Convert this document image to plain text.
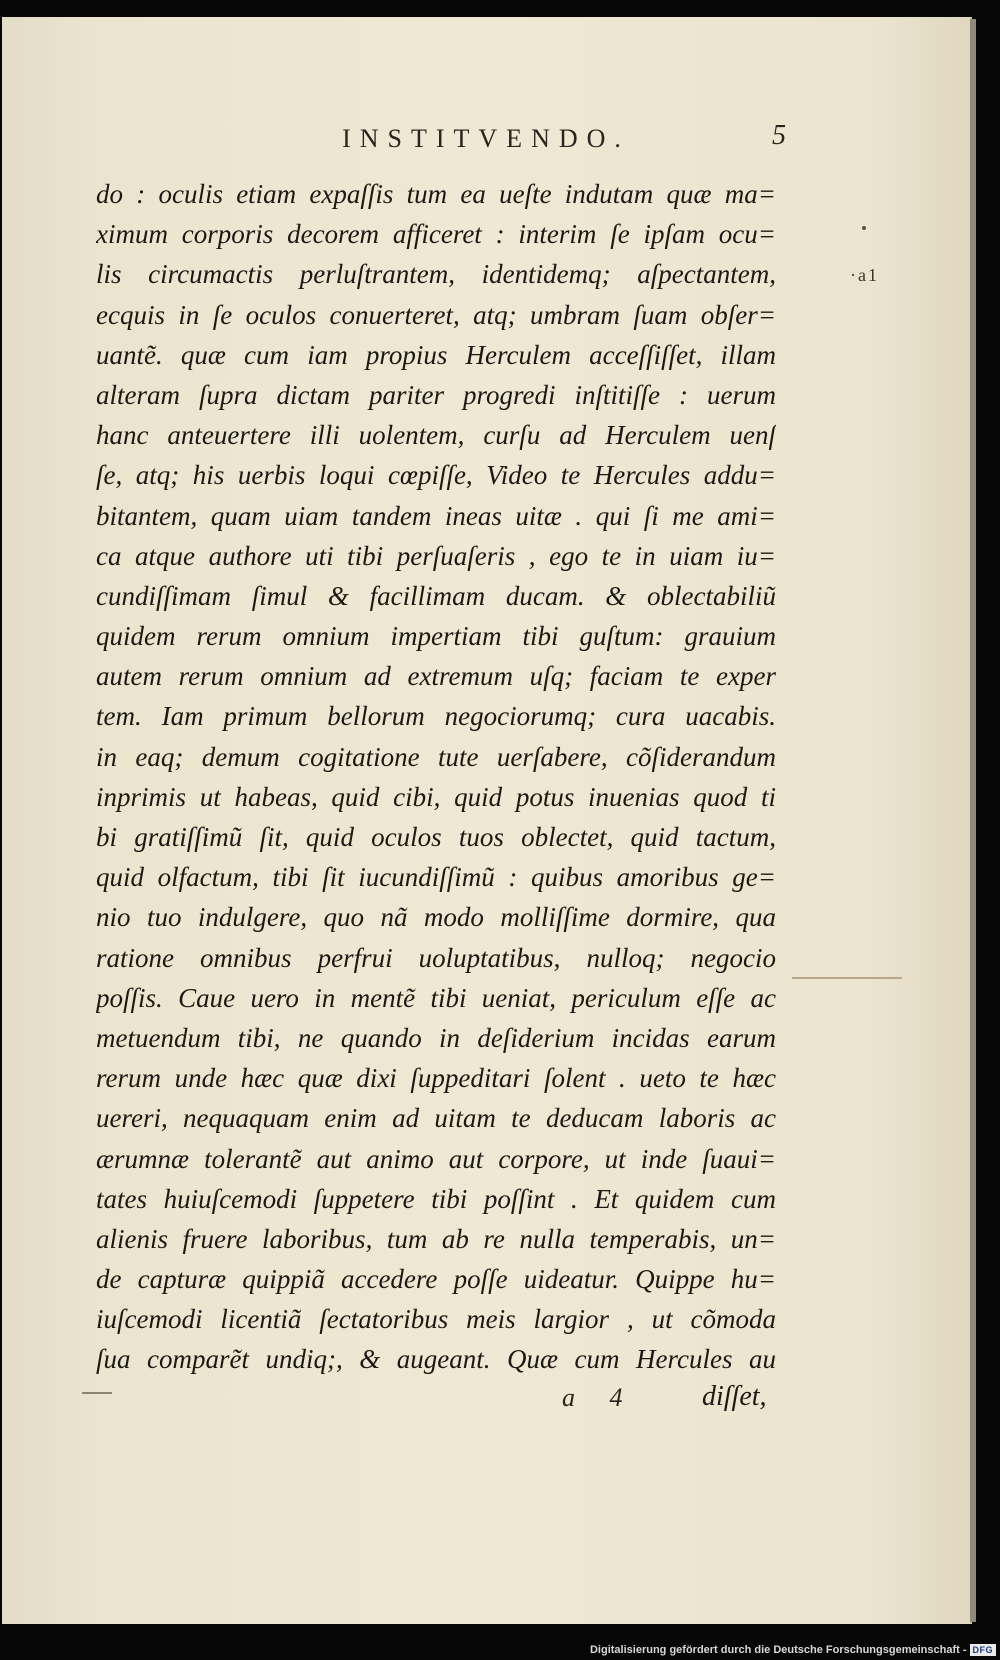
INSTITVENDO.	5
·a1
do : oculis etiam expaſſis tum ea ueſte indutam quæ ma=
ximum corporis decorem afficeret : interim ſe ipſam ocu=
lis circumactis perluſtrantem, identidemq; aſpectantem,
ecquis in ſe oculos conuerteret, atq; umbram ſuam obſer=
uantẽ. quæ cum iam propius Herculem acceſſiſſet, illam
alteram ſupra dictam pariter progredi inſtitiſſe : uerum
hanc anteuertere illi uolentem, curſu ad Herculem uenſ
ſe, atq; his uerbis loqui cœpiſſe, Video te Hercules addu=
bitantem, quam uiam tandem ineas uitæ . qui ſi me ami=
ca atque authore uti tibi perſuaſeris , ego te in uiam iu=
cundiſſimam ſimul & facillimam ducam. & oblectabiliũ
quidem rerum omnium impertiam tibi guſtum: grauium
autem rerum omnium ad extremum uſq; faciam te exper
tem. Iam primum bellorum negociorumq; cura uacabis.
in eaq; demum cogitatione tute uerſabere, cõſiderandum
inprimis ut habeas, quid cibi, quid potus inuenias quod ti
bi gratiſſimũ ſit, quid oculos tuos oblectet, quid tactum,
quid olfactum, tibi ſit iucundiſſimũ : quibus amoribus ge=
nio tuo indulgere, quo nã modo molliſſime dormire, qua
ratione omnibus perfrui uoluptatibus, nulloq; negocio
poſſis. Caue uero in mentẽ tibi ueniat, periculum eſſe ac
metuendum tibi, ne quando in deſiderium incidas earum
rerum unde hæc quæ dixi ſuppeditari ſolent . ueto te hæc
uereri, nequaquam enim ad uitam te deducam laboris ac
ærumnæ tolerantẽ aut animo aut corpore, ut inde ſuaui=
tates huiuſcemodi ſuppetere tibi poſſint . Et quidem cum
alienis fruere laboribus, tum ab re nulla temperabis, un=
de capturæ quippiã accedere poſſe uideatur. Quippe hu=
iuſcemodi licentiã ſectatoribus meis largior , ut cõmoda
ſua comparẽt undiq;, & augeant. Quæ cum Hercules au
a 4 diſſet,
Digitalisierung gefördert durch die Deutsche Forschungsgemeinschaft - DFG
